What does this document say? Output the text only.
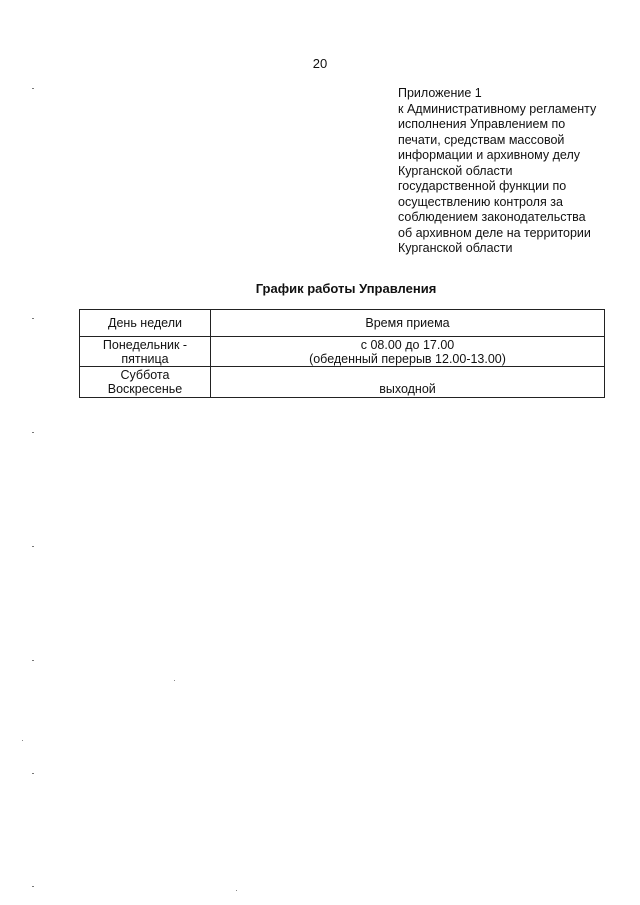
20
Приложение 1
к Административному регламенту
исполнения Управлением по
печати, средствам массовой
информации и архивному делу
Курганской области
государственной функции по
осуществлению контроля за
соблюдением законодательства
об архивном деле на территории
Курганской области
График работы Управления
День недели	Время приема

Понедельник -
пятница	с 08.00 до 17.00
(обеденный перерыв 12.00-13.00)

Суббота
Воскресенье	выходной
